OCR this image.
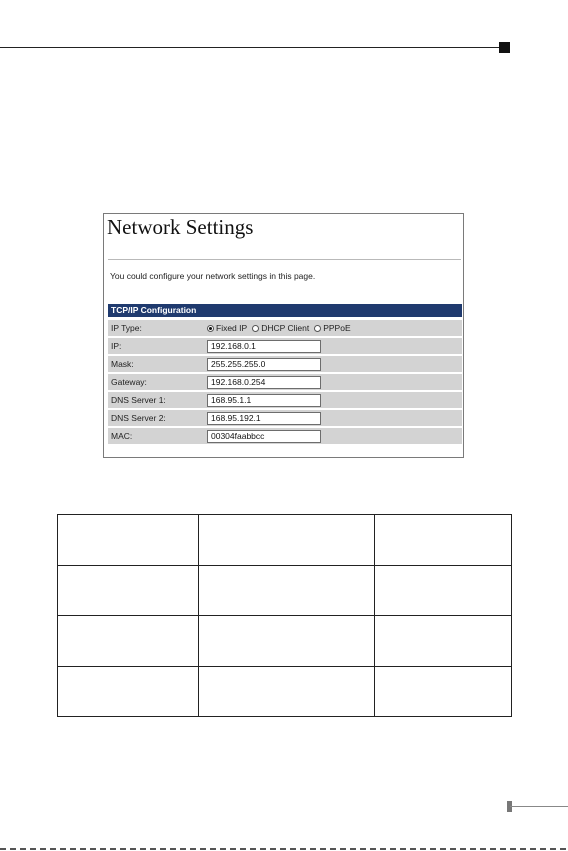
Network Settings
You could configure your network settings in this page.
TCP/IP Configuration
IP Type:	Fixed IP DHCP Client PPPoE

IP:	192.168.0.1
Mask:	255.255.255.0
Gateway:	192.168.0.254
DNS Server 1:	168.95.1.1
DNS Server 2:	168.95.192.1
MAC:	00304faabbcc
